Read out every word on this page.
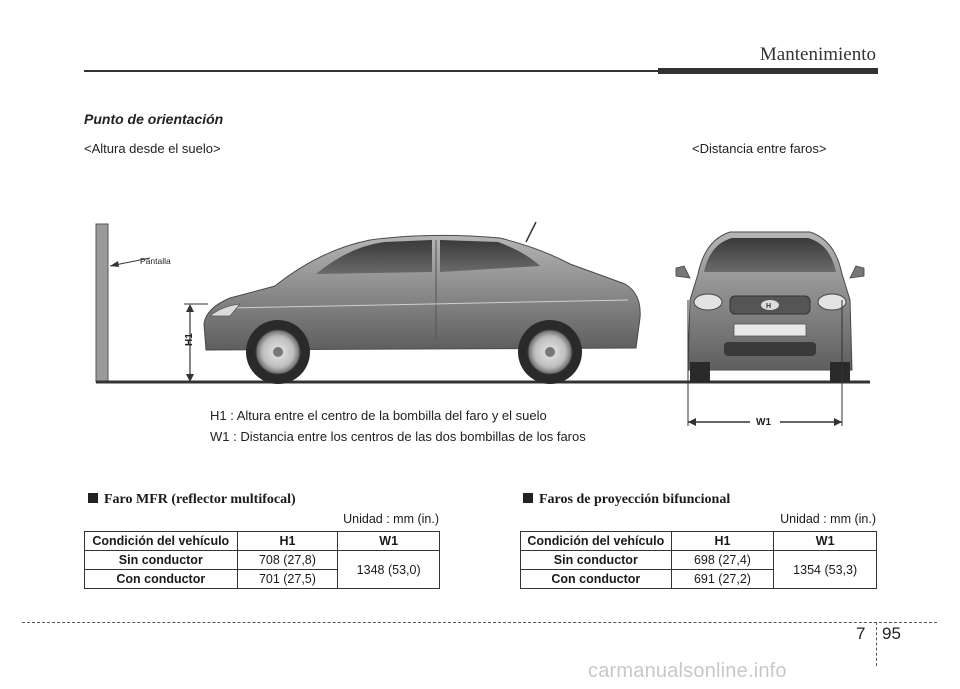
Mantenimiento
Punto de orientación
<Altura desde el suelo>	<Distancia entre faros>
Pantalla
H1
H
W1
H1 : Altura entre el centro de la bombilla del faro y el suelo
W1 : Distancia entre los centros de las dos bombillas de los faros
Faro MFR (reflector multifocal)
Unidad : mm (in.)
Condición del vehículo	H1	W1
Sin conductor	708 (27,8)	1348 (53,0)
Con conductor	701 (27,5)	
Faros de proyección bifuncional
Unidad : mm (in.)
Condición del vehículo	H1	W1
Sin conductor	698 (27,4)	1354 (53,3)
Con conductor	691 (27,2)	
7 95
carmanualsonline.info
